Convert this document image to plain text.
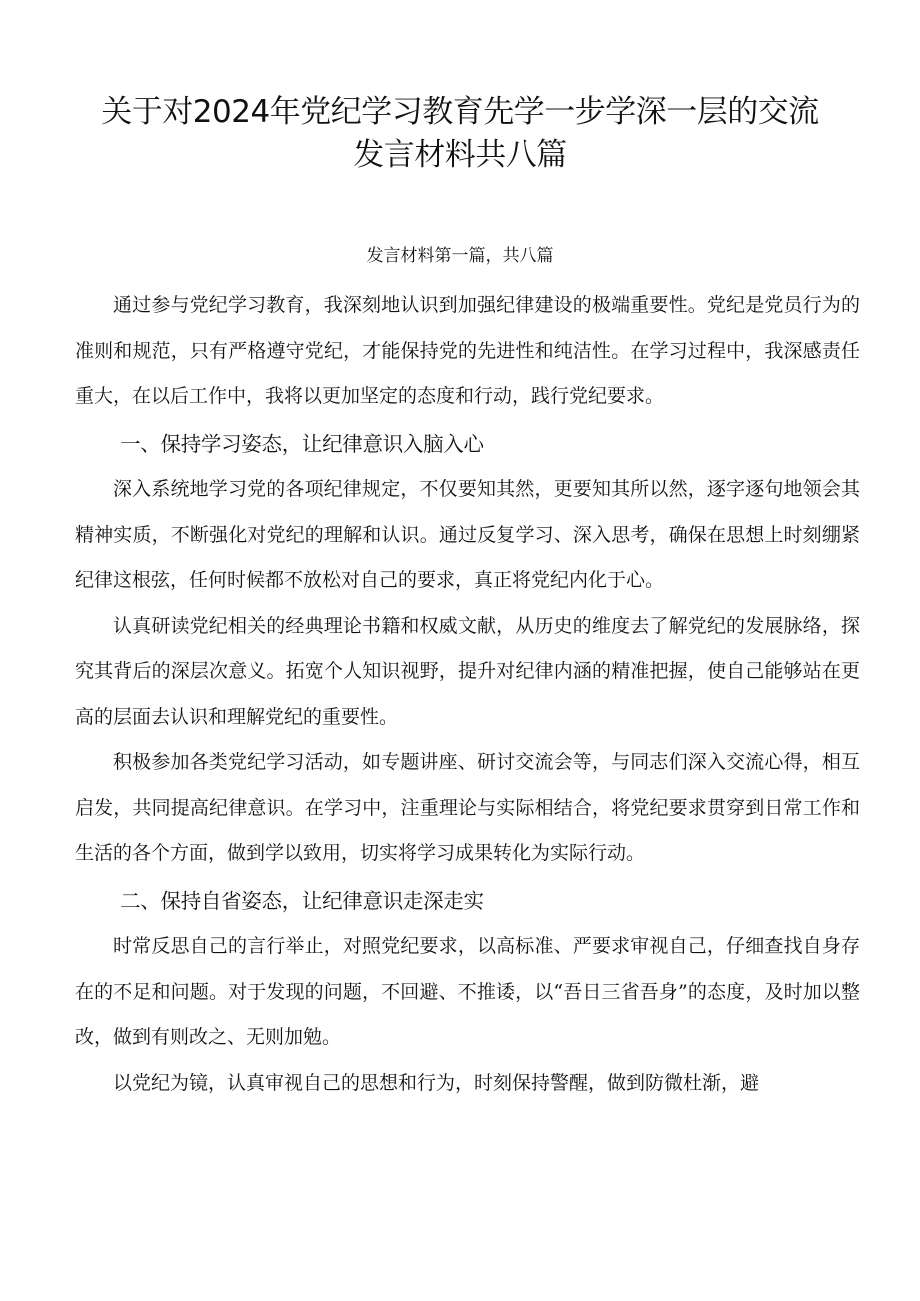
关于对2024年党纪学习教育先学一步学深一层的交流
发言材料共八篇
发言材料第一篇，共八篇

通过参与党纪学习教育，我深刻地认识到加强纪律建设的极端重要性。党纪是党员行为的准则和规范，只有严格遵守党纪，才能保持党的先进性和纯洁性。在学习过程中，我深感责任重大，在以后工作中，我将以更加坚定的态度和行动，践行党纪要求。

一、保持学习姿态，让纪律意识入脑入心

深入系统地学习党的各项纪律规定，不仅要知其然，更要知其所以然，逐字逐句地领会其精神实质，不断强化对党纪的理解和认识。通过反复学习、深入思考，确保在思想上时刻绷紧纪律这根弦，任何时候都不放松对自己的要求，真正将党纪内化于心。

认真研读党纪相关的经典理论书籍和权威文献，从历史的维度去了解党纪的发展脉络，探究其背后的深层次意义。拓宽个人知识视野，提升对纪律内涵的精准把握，使自己能够站在更高的层面去认识和理解党纪的重要性。

积极参加各类党纪学习活动，如专题讲座、研讨交流会等，与同志们深入交流心得，相互启发，共同提高纪律意识。在学习中，注重理论与实际相结合，将党纪要求贯穿到日常工作和生活的各个方面，做到学以致用，切实将学习成果转化为实际行动。

二、保持自省姿态，让纪律意识走深走实

时常反思自己的言行举止，对照党纪要求，以高标准、严要求审视自己，仔细查找自身存在的不足和问题。对于发现的问题，不回避、不推诿，以“吾日三省吾身”的态度，及时加以整改，做到有则改之、无则加勉。

以党纪为镜，认真审视自己的思想和行为，时刻保持警醒，做到防微杜渐，避
